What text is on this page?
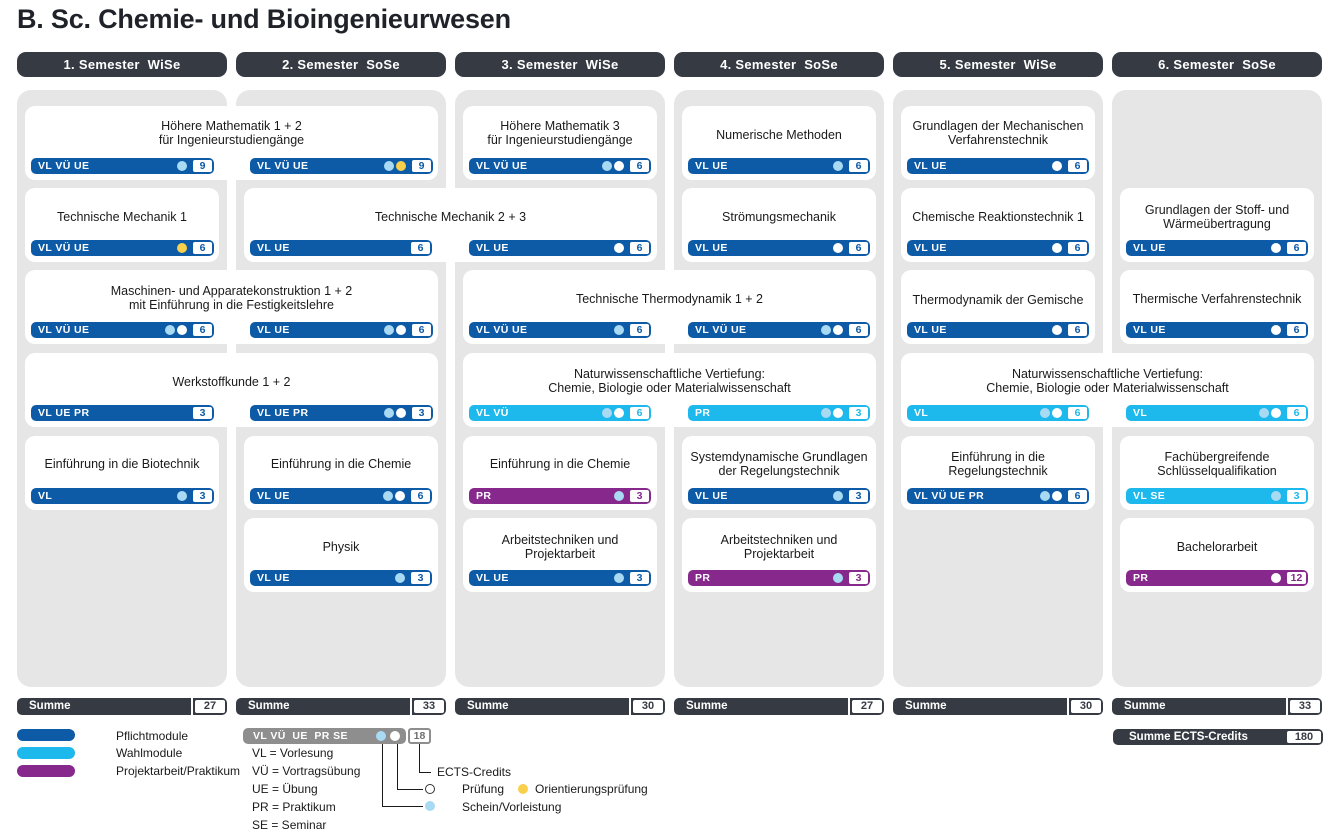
B. Sc. Chemie- und Bioingenieurwesen
1. Semester  WiSe	2. Semester  SoSe	3. Semester  WiSe	4. Semester  SoSe	5. Semester  WiSe	6. Semester  SoSe
Höhere Mathematik 1 + 2
für Ingenieurstudiengänge
VL VÜ UE	9	VL VÜ UE	9
Höhere Mathematik 3
für Ingenieurstudiengänge
VL VÜ UE	6
Numerische Methoden
VL UE	6
Grundlagen der Mechanischen
Verfahrenstechnik
VL UE	6
Technische Mechanik 1
VL VÜ UE	6
Technische Mechanik 2 + 3
VL UE	6	VL UE	6
Strömungsmechanik
VL UE	6
Chemische Reaktionstechnik 1
VL UE	6
Grundlagen der Stoff- und
Wärmeübertragung
VL UE	6
Maschinen- und Apparatekonstruktion 1 + 2
mit Einführung in die Festigkeitslehre
VL VÜ UE	6	VL UE	6
Technische Thermodynamik 1 + 2
VL VÜ UE	6	VL VÜ UE	6
Thermodynamik der Gemische
VL UE	6
Thermische Verfahrenstechnik
VL UE	6
Werkstoffkunde 1 + 2
VL UE PR	3	VL UE PR	3
Naturwissenschaftliche Vertiefung:
Chemie, Biologie oder Materialwissenschaft
VL VÜ	6	PR	3
Naturwissenschaftliche Vertiefung:
Chemie, Biologie oder Materialwissenschaft
VL	6	VL	6
Einführung in die Biotechnik
VL	3
Einführung in die Chemie
VL UE	6
Einführung in die Chemie
PR	3
Systemdynamische Grundlagen
der Regelungstechnik
VL UE	3
Einführung in die
Regelungstechnik
VL VÜ UE PR	6
Fachübergreifende
Schlüsselqualifikation
VL SE	3
Physik
VL UE	3
Arbeitstechniken und
Projektarbeit
VL UE	3
Arbeitstechniken und
Projektarbeit
PR	3
Bachelorarbeit
PR	12
Summe	27	Summe	33	Summe	30	Summe	27	Summe	30	Summe	33
Summe ECTS-Credits	180
Pflichtmodule
Wahlmodule
Projektarbeit/Praktikum
VL VÜ  UE  PR SE	18
VL = Vorlesung
VÜ = Vortragsübung
UE = Übung
PR = Praktikum
SE = Seminar
ECTS-Credits
Prüfung	Orientierungsprüfung
Schein/Vorleistung
